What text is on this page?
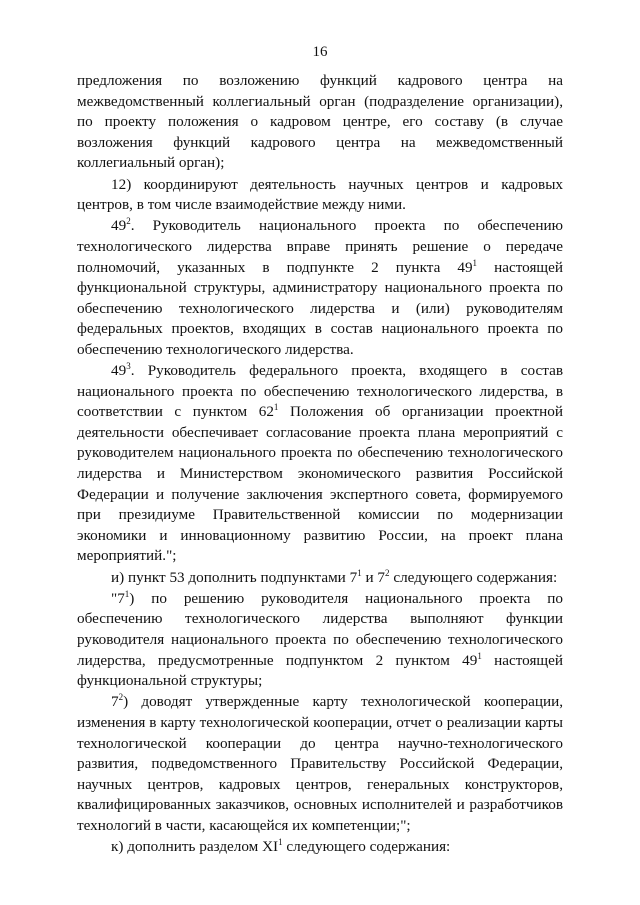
16

предложения по возложению функций кадрового центра на межведомственный коллегиальный орган (подразделение организации), по проекту положения о кадровом центре, его составу (в случае возложения функций кадрового центра на межведомственный коллегиальный орган);

12) координируют деятельность научных центров и кадровых центров, в том числе взаимодействие между ними.

$49^2$. Руководитель национального проекта по обеспечению технологического лидерства вправе принять решение о передаче полномочий, указанных в подпункте 2 пункта $49^1$ настоящей функциональной структуры, администратору национального проекта по обеспечению технологического лидерства и (или) руководителям федеральных проектов, входящих в состав национального проекта по обеспечению технологического лидерства.

$49^3$. Руководитель федерального проекта, входящего в состав национального проекта по обеспечению технологического лидерства, в соответствии с пунктом $62^1$ Положения об организации проектной деятельности обеспечивает согласование проекта плана мероприятий с руководителем национального проекта по обеспечению технологического лидерства и Министерством экономического развития Российской Федерации и получение заключения экспертного совета, формируемого при президиуме Правительственной комиссии по модернизации экономики и инновационному развитию России, на проект плана мероприятий.";

и) пункт 53 дополнить подпунктами $7^1$ и $7^2$ следующего содержания:

"$7^1$) по решению руководителя национального проекта по обеспечению технологического лидерства выполняют функции руководителя национального проекта по обеспечению технологического лидерства, предусмотренные подпунктом 2 пунктом $49^1$ настоящей функциональной структуры;

$7^2$) доводят утвержденные карту технологической кооперации, изменения в карту технологической кооперации, отчет о реализации карты технологической кооперации до центра научно-технологического развития, подведомственного Правительству Российской Федерации, научных центров, кадровых центров, генеральных конструкторов, квалифицированных заказчиков, основных исполнителей и разработчиков технологий в части, касающейся их компетенции;";

к) дополнить разделом $XI^1$ следующего содержания:
